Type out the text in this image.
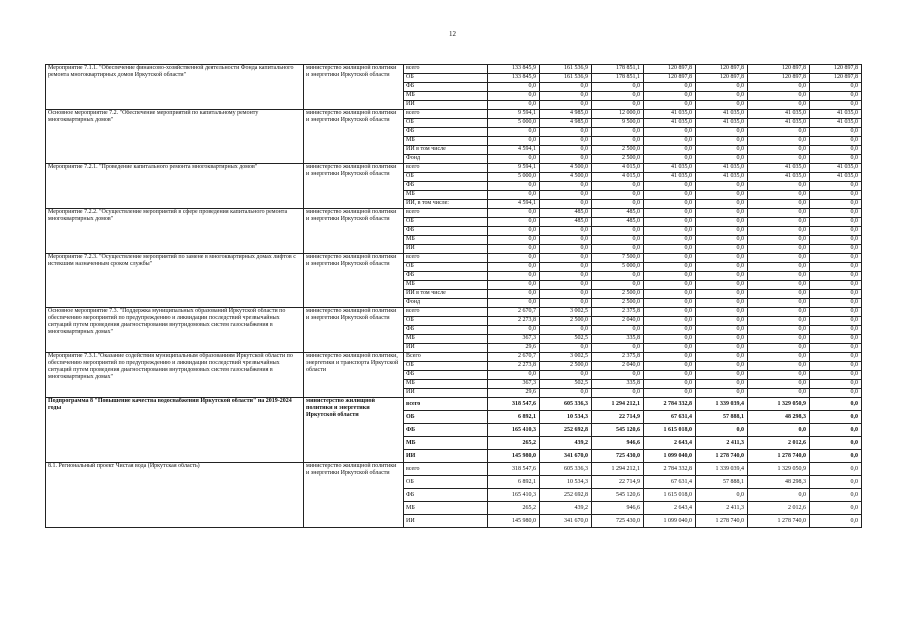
12
Мероприятие 7.1.1. "Обеспечение финансово-хозяйственной деятельности Фонда капитального ремонта многоквартирных домов Иркутской области"	министерство жилищной политики и энергетики Иркутской области	всего	133 845,9	161 536,9	178 851,1	120 897,8	120 897,8	120 897,8	120 897,8
		ОБ	133 845,9	161 536,9	178 851,1	120 897,8	120 897,8	120 897,8	120 897,8
		ФБ	0,0	0,0	0,0	0,0	0,0	0,0	0,0
		МБ	0,0	0,0	0,0	0,0	0,0	0,0	0,0
		ИИ	0,0	0,0	0,0	0,0	0,0	0,0	0,0
Основное мероприятие 7.2. "Обеспечение мероприятий по капитальному ремонту многоквартирных домов"	министерство жилищной политики и энергетики Иркутской области	всего	9 594,1	4 985,0	12 000,0	41 035,0	41 035,0	41 035,0	41 035,0
		ОБ	5 000,0	4 985,0	9 500,0	41 035,0	41 035,0	41 035,0	41 035,0
		ФБ	0,0	0,0	0,0	0,0	0,0	0,0	0,0
		МБ	0,0	0,0	0,0	0,0	0,0	0,0	0,0
		ИИ в том числе	4 594,1	0,0	2 500,0	0,0	0,0	0,0	0,0
		Фонд	0,0	0,0	2 500,0	0,0	0,0	0,0	0,0
Мероприятие 7.2.1. "Проведение капитального ремонта многоквартирных домов"	министерство жилищной политики и энергетики Иркутской области	всего	9 594,1	4 500,0	4 015,0	41 035,0	41 035,0	41 035,0	41 035,0
		ОБ	5 000,0	4 500,0	4 015,0	41 035,0	41 035,0	41 035,0	41 035,0
		ФБ	0,0	0,0	0,0	0,0	0,0	0,0	0,0
		МБ	0,0	0,0	0,0	0,0	0,0	0,0	0,0
		ИИ, в том числе:	4 594,1	0,0	0,0	0,0	0,0	0,0	0,0
Мероприятие 7.2.2. "Осуществление мероприятий в сфере проведения капитального ремонта многоквартирных домов"	министерство жилищной политики и энергетики Иркутской области	всего	0,0	485,0	485,0	0,0	0,0	0,0	0,0
		ОБ	0,0	485,0	485,0	0,0	0,0	0,0	0,0
		ФБ	0,0	0,0	0,0	0,0	0,0	0,0	0,0
		МБ	0,0	0,0	0,0	0,0	0,0	0,0	0,0
		ИИ	0,0	0,0	0,0	0,0	0,0	0,0	0,0
Мероприятие 7.2.3. "Осуществление мероприятий по замене в многоквартирных домах лифтов с истекшим назначенным сроком службы"	министерство жилищной политики и энергетики Иркутской области	всего	0,0	0,0	7 500,0	0,0	0,0	0,0	0,0
		ОБ	0,0	0,0	5 000,0	0,0	0,0	0,0	0,0
		ФБ	0,0	0,0	0,0	0,0	0,0	0,0	0,0
		МБ	0,0	0,0	0,0	0,0	0,0	0,0	0,0
		ИИ в том числе	0,0	0,0	2 500,0	0,0	0,0	0,0	0,0
		Фонд	0,0	0,0	2 500,0	0,0	0,0	0,0	0,0
Основное мероприятие 7.3. "Поддержка муниципальных образований Иркутской области по обеспечению мероприятий по предупреждению и ликвидации последствий чрезвычайных ситуаций путем проведения диагностирования внутридомовых систем газоснабжения в многоквартирных домах"	министерство жилищной политики и энергетики Иркутской области	всего	2 670,7	3 002,5	2 375,8	0,0	0,0	0,0	0,0
		ОБ	2 273,8	2 500,0	2 040,0	0,0	0,0	0,0	0,0
		ФБ	0,0	0,0	0,0	0,0	0,0	0,0	0,0
		МБ	367,3	502,5	335,8	0,0	0,0	0,0	0,0
		ИИ	29,6	0,0	0,0	0,0	0,0	0,0	0,0
Мероприятие 7.3.1."Оказание содействия муниципальным образованиям Иркутской области по обеспечению мероприятий по предупреждению и ликвидации последствий чрезвычайных ситуаций путем проведения диагностирования внутридомовых систем газоснабжения в многоквартирных домах"	министерство жилищной политики, энергетики и транспорта Иркутской области	Всего	2 670,7	3 002,5	2 375,8	0,0	0,0	0,0	0,0
		ОБ	2 273,8	2 500,0	2 040,0	0,0	0,0	0,0	0,0
		ФБ	0,0	0,0	0,0	0,0	0,0	0,0	0,0
		МБ	367,3	502,5	335,8	0,0	0,0	0,0	0,0
		ИИ	29,6	0,0	0,0	0,0	0,0	0,0	0,0
Подпрограмма 8 "Повышение качества водоснабжения Иркутской области" на 2019-2024 годы	министерство жилищной политики и энергетики Иркутской области	всего	318 547,6	605 336,3	1 294 212,1	2 784 332,8	1 339 039,4	1 329 050,9	0,0
		ОБ	6 892,1	10 534,3	22 714,9	67 631,4	57 888,1	48 298,3	0,0
		ФБ	165 410,3	252 692,8	545 120,6	1 615 018,0	0,0	0,0	0,0
		МБ	265,2	439,2	946,6	2 643,4	2 411,3	2 012,6	0,0
		ИИ	145 980,0	341 670,0	725 430,0	1 099 040,0	1 278 740,0	1 278 740,0	0,0
8.1. Региональный проект Чистая вода (Иркутская область)	министерство жилищной политики и энергетики Иркутской области	всего	318 547,6	605 336,3	1 294 212,1	2 784 332,8	1 339 039,4	1 329 050,9	0,0
		ОБ	6 892,1	10 534,3	22 714,9	67 631,4	57 888,1	48 298,3	0,0
		ФБ	165 410,3	252 692,8	545 120,6	1 615 018,0	0,0	0,0	0,0
		МБ	265,2	439,2	946,6	2 643,4	2 411,3	2 012,6	0,0
		ИИ	145 980,0	341 670,0	725 430,0	1 099 040,0	1 278 740,0	1 278 740,0	0,0
